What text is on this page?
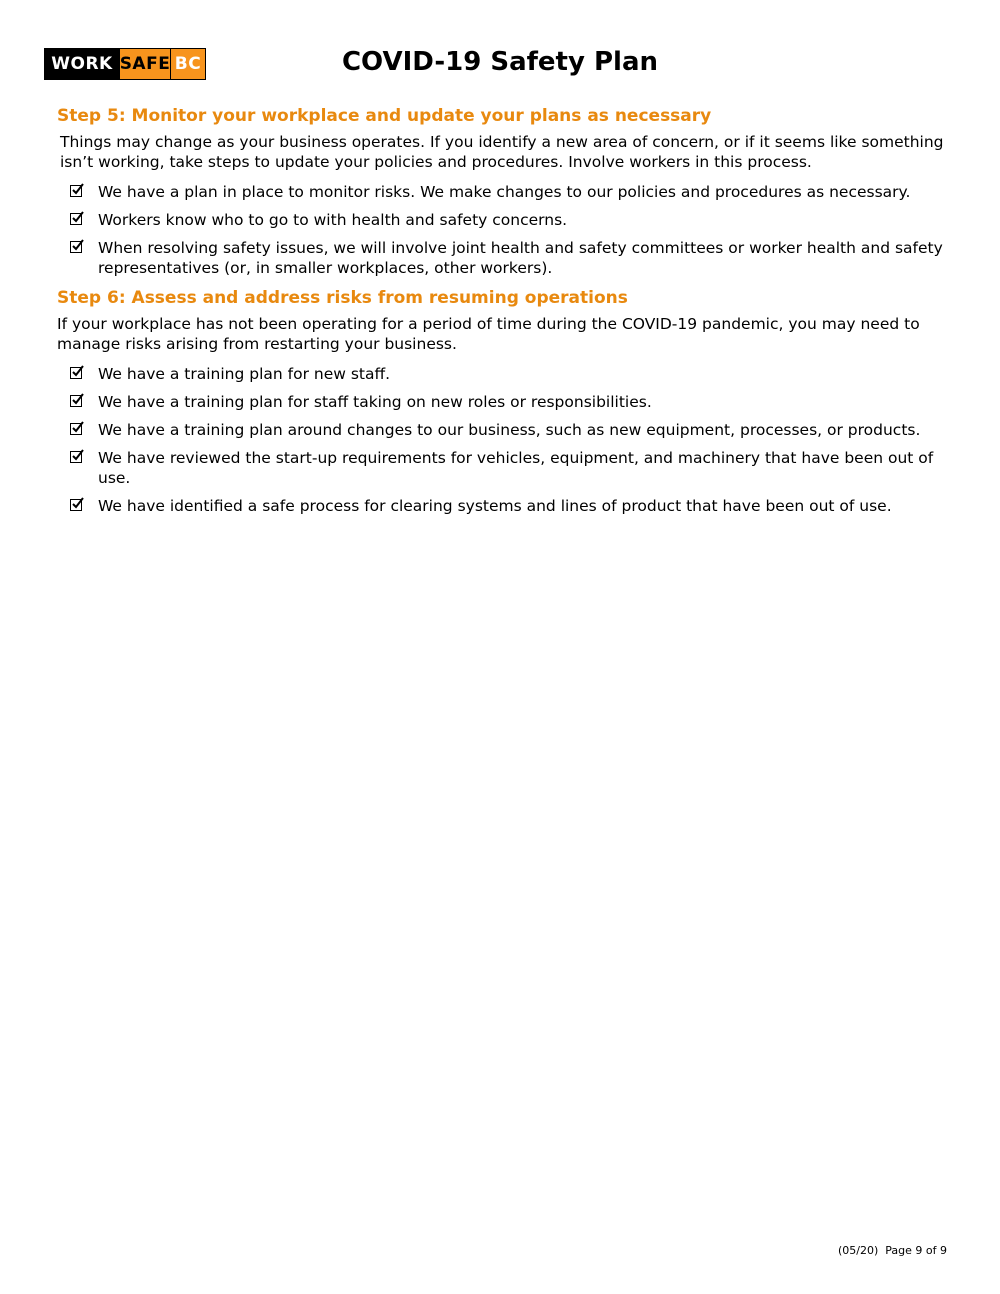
WORK SAFE BC	COVID-19 Safety Plan
Step 5: Monitor your workplace and update your plans as necessary

Things may change as your business operates. If you identify a new area of concern, or if it seems like something isn’t working, take steps to update your policies and procedures. Involve workers in this process.

We have a plan in place to monitor risks. We make changes to our policies and procedures as necessary.
Workers know who to go to with health and safety concerns.
When resolving safety issues, we will involve joint health and safety committees or worker health and safety representatives (or, in smaller workplaces, other workers).
Step 6: Assess and address risks from resuming operations

If your workplace has not been operating for a period of time during the COVID-19 pandemic, you may need to manage risks arising from restarting your business.

We have a training plan for new staff.
We have a training plan for staff taking on new roles or responsibilities.
We have a training plan around changes to our business, such as new equipment, processes, or products.
We have reviewed the start-up requirements for vehicles, equipment, and machinery that have been out of use.
We have identified a safe process for clearing systems and lines of product that have been out of use.
(05/20) Page 9 of 9
